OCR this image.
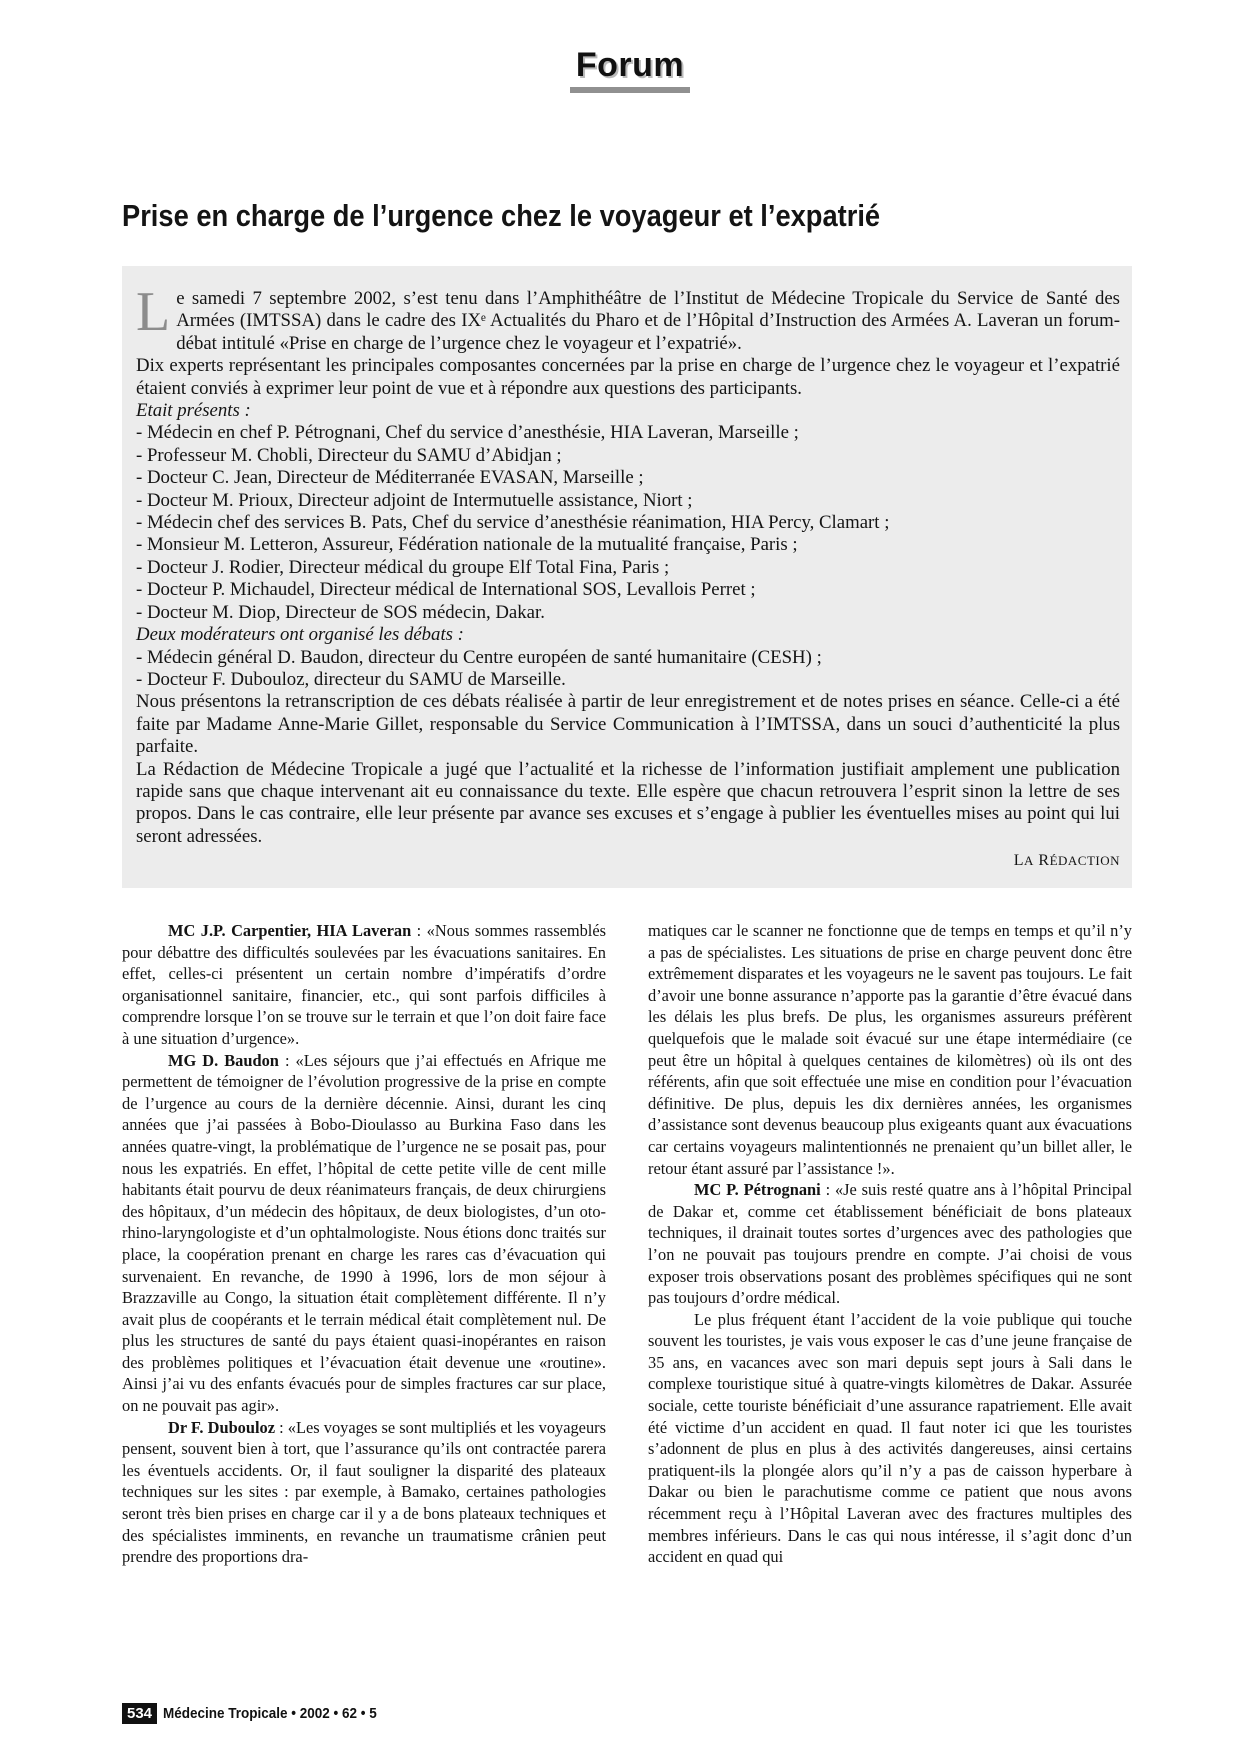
Forum
Prise en charge de l’urgence chez le voyageur et l’expatrié

Le samedi 7 septembre 2002, s’est tenu dans l’Amphithéâtre de l’Institut de Médecine Tropicale du Service de Santé des Armées (IMTSSA) dans le cadre des IXᵉ Actualités du Pharo et de l’Hôpital d’Instruction des Armées A. Laveran un forum-débat intitulé «Prise en charge de l’urgence chez le voyageur et l’expatrié».

Dix experts représentant les principales composantes concernées par la prise en charge de l’urgence chez le voyageur et l’expatrié étaient conviés à exprimer leur point de vue et à répondre aux questions des participants.

Etait présents :

- Médecin en chef P. Pétrognani, Chef du service d’anesthésie, HIA Laveran, Marseille ;
- Professeur M. Chobli, Directeur du SAMU d’Abidjan ;
- Docteur C. Jean, Directeur de Méditerranée EVASAN, Marseille ;
- Docteur M. Prioux, Directeur adjoint de Intermutuelle assistance, Niort ;
- Médecin chef des services B. Pats, Chef du service d’anesthésie réanimation, HIA Percy, Clamart ;
- Monsieur M. Letteron, Assureur, Fédération nationale de la mutualité française, Paris ;
- Docteur J. Rodier, Directeur médical du groupe Elf Total Fina, Paris ;
- Docteur P. Michaudel, Directeur médical de International SOS, Levallois Perret ;
- Docteur M. Diop, Directeur de SOS médecin, Dakar.

Deux modérateurs ont organisé les débats :

- Médecin général D. Baudon, directeur du Centre européen de santé humanitaire (CESH) ;
- Docteur F. Dubouloz, directeur du SAMU de Marseille.

Nous présentons la retranscription de ces débats réalisée à partir de leur enregistrement et de notes prises en séance. Celle-ci a été faite par Madame Anne-Marie Gillet, responsable du Service Communication à l’IMTSSA, dans un souci d’authenticité la plus parfaite.

La Rédaction de Médecine Tropicale a jugé que l’actualité et la richesse de l’information justifiait amplement une publication rapide sans que chaque intervenant ait eu connaissance du texte. Elle espère que chacun retrouvera l’esprit sinon la lettre de ses propos. Dans le cas contraire, elle leur présente par avance ses excuses et s’engage à publier les éventuelles mises au point qui lui seront adressées.

LA RÉDACTION

MC J.P. Carpentier, HIA Laveran : «Nous sommes rassemblés pour débattre des difficultés soulevées par les évacuations sanitaires. En effet, celles-ci présentent un certain nombre d’impératifs d’ordre organisationnel sanitaire, financier, etc., qui sont parfois difficiles à comprendre lorsque l’on se trouve sur le terrain et que l’on doit faire face à une situation d’urgence».

MG D. Baudon : «Les séjours que j’ai effectués en Afrique me permettent de témoigner de l’évolution progressive de la prise en compte de l’urgence au cours de la dernière décennie. Ainsi, durant les cinq années que j’ai passées à Bobo-Dioulasso au Burkina Faso dans les années quatre-vingt, la problématique de l’urgence ne se posait pas, pour nous les expatriés. En effet, l’hôpital de cette petite ville de cent mille habitants était pourvu de deux réanimateurs français, de deux chirurgiens des hôpitaux, d’un médecin des hôpitaux, de deux biologistes, d’un oto-rhino-laryngologiste et d’un ophtalmologiste. Nous étions donc traités sur place, la coopération prenant en charge les rares cas d’évacuation qui survenaient. En revanche, de 1990 à 1996, lors de mon séjour à Brazzaville au Congo, la situation était complètement différente. Il n’y avait plus de coopérants et le terrain médical était complètement nul. De plus les structures de santé du pays étaient quasi-inopérantes en raison des problèmes politiques et l’évacuation était devenue une «routine». Ainsi j’ai vu des enfants évacués pour de simples fractures car sur place, on ne pouvait pas agir».

Dr F. Dubouloz : «Les voyages se sont multipliés et les voyageurs pensent, souvent bien à tort, que l’assurance qu’ils ont contractée parera les éventuels accidents. Or, il faut souligner la disparité des plateaux techniques sur les sites : par exemple, à Bamako, certaines pathologies seront très bien prises en charge car il y a de bons plateaux techniques et des spécialistes imminents, en revanche un traumatisme crânien peut prendre des proportions dra-

matiques car le scanner ne fonctionne que de temps en temps et qu’il n’y a pas de spécialistes. Les situations de prise en charge peuvent donc être extrêmement disparates et les voyageurs ne le savent pas toujours. Le fait d’avoir une bonne assurance n’apporte pas la garantie d’être évacué dans les délais les plus brefs. De plus, les organismes assureurs préfèrent quelquefois que le malade soit évacué sur une étape intermédiaire (ce peut être un hôpital à quelques centaines de kilomètres) où ils ont des référents, afin que soit effectuée une mise en condition pour l’évacuation définitive. De plus, depuis les dix dernières années, les organismes d’assistance sont devenus beaucoup plus exigeants quant aux évacuations car certains voyageurs malintentionnés ne prenaient qu’un billet aller, le retour étant assuré par l’assistance !».

MC P. Pétrognani : «Je suis resté quatre ans à l’hôpital Principal de Dakar et, comme cet établissement bénéficiait de bons plateaux techniques, il drainait toutes sortes d’urgences avec des pathologies que l’on ne pouvait pas toujours prendre en compte. J’ai choisi de vous exposer trois observations posant des problèmes spécifiques qui ne sont pas toujours d’ordre médical.

Le plus fréquent étant l’accident de la voie publique qui touche souvent les touristes, je vais vous exposer le cas d’une jeune française de 35 ans, en vacances avec son mari depuis sept jours à Sali dans le complexe touristique situé à quatre-vingts kilomètres de Dakar. Assurée sociale, cette touriste bénéficiait d’une assurance rapatriement. Elle avait été victime d’un accident en quad. Il faut noter ici que les touristes s’adonnent de plus en plus à des activités dangereuses, ainsi certains pratiquent-ils la plongée alors qu’il n’y a pas de caisson hyperbare à Dakar ou bien le parachutisme comme ce patient que nous avons récemment reçu à l’Hôpital Laveran avec des fractures multiples des membres inférieurs. Dans le cas qui nous intéresse, il s’agit donc d’un accident en quad qui

534 Médecine Tropicale • 2002 • 62 • 5
